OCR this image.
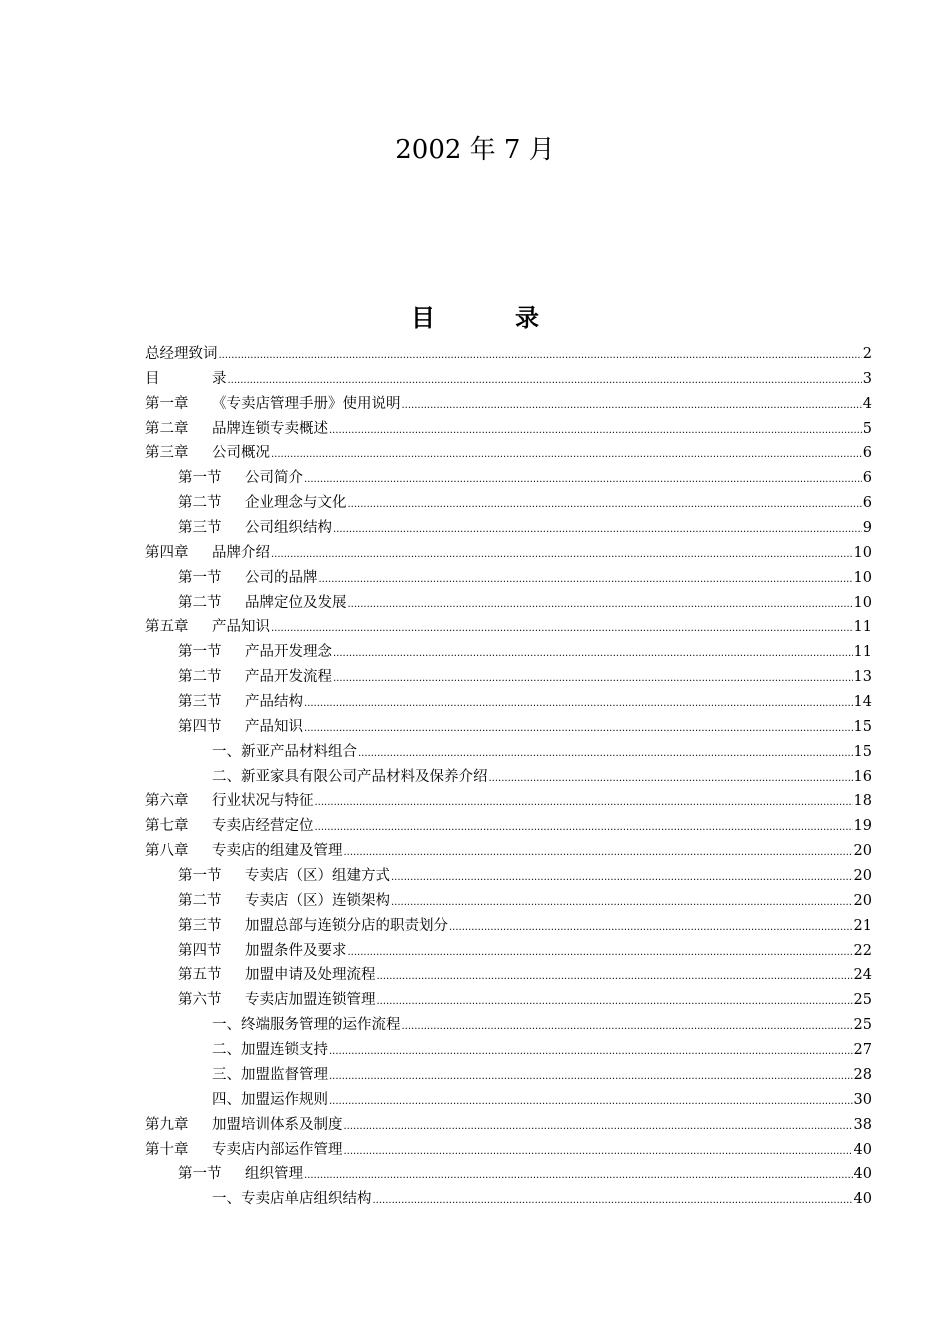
2002 年 7 月
目	录
总经理致词 .....	2
目	录 .....	3
第一章	《专卖店管理手册》使用说明 .....	4
第二章	品牌连锁专卖概述 .....	5
第三章	公司概况 .....	6
第一节	公司简介 .....	6
第二节	企业理念与文化 .....	6
第三节	公司组织结构 .....	9
第四章	品牌介绍 .....	10
第一节	公司的品牌 .....	10
第二节	品牌定位及发展 .....	10
第五章	产品知识 .....	11
第一节	产品开发理念 .....	11
第二节	产品开发流程 .....	13
第三节	产品结构 .....	14
第四节	产品知识 .....	15
一、新亚产品材料组合 .....	15
二、新亚家具有限公司产品材料及保养介绍 .....	16
第六章	行业状况与特征 .....	18
第七章	专卖店经营定位 .....	19
第八章	专卖店的组建及管理 .....	20
第一节	专卖店（区）组建方式 .....	20
第二节	专卖店（区）连锁架构 .....	20
第三节	加盟总部与连锁分店的职责划分 .....	21
第四节	加盟条件及要求 .....	22
第五节	加盟申请及处理流程 .....	24
第六节	专卖店加盟连锁管理 .....	25
一、终端服务管理的运作流程 .....	25
二、加盟连锁支持 .....	27
三、加盟监督管理 .....	28
四、加盟运作规则 .....	30
第九章	加盟培训体系及制度 .....	38
第十章	专卖店内部运作管理 .....	40
第一节	组织管理 .....	40
一、专卖店单店组织结构 .....	40
